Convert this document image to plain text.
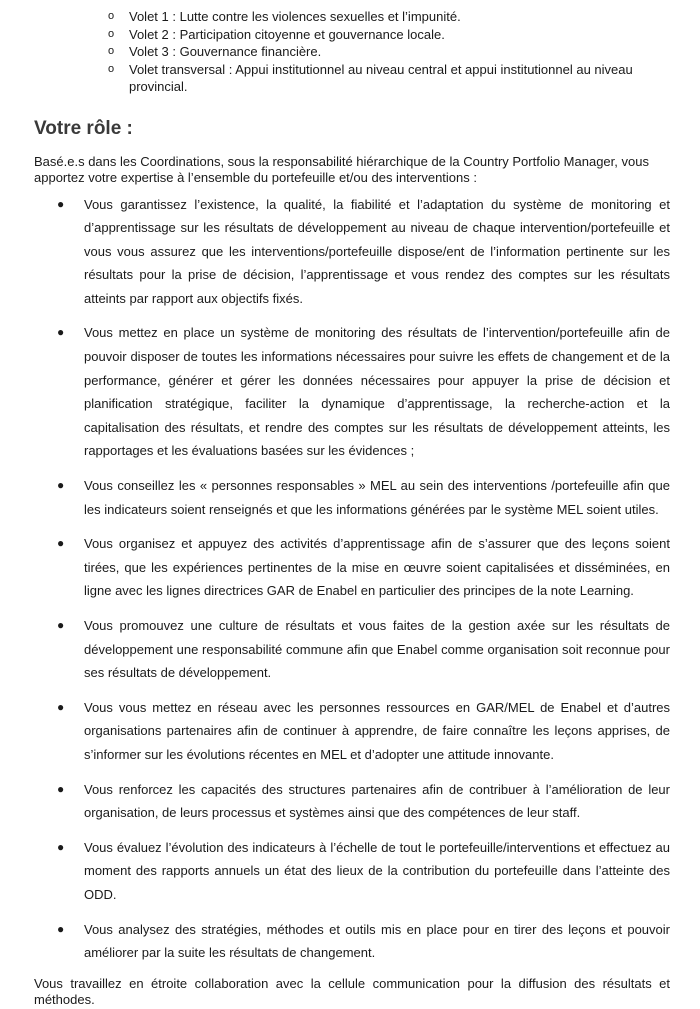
o Volet 1 : Lutte contre les violences sexuelles et l’impunité.
o Volet 2 : Participation citoyenne et gouvernance locale.
o Volet 3 : Gouvernance financière.
o Volet transversal : Appui institutionnel au niveau central et appui institutionnel au niveau provincial.
Votre rôle :

Basé.e.s dans les Coordinations, sous la responsabilité hiérarchique de la Country Portfolio Manager, vous apportez votre expertise à l’ensemble du portefeuille et/ou des interventions :

● Vous garantissez l’existence, la qualité, la fiabilité et l’adaptation du système de monitoring et d’apprentissage sur les résultats de développement au niveau de chaque intervention/portefeuille et vous vous assurez que les interventions/portefeuille dispose/ent de l’information pertinente sur les résultats pour la prise de décision, l’apprentissage et vous rendez des comptes sur les résultats atteints par rapport aux objectifs fixés.
● Vous mettez en place un système de monitoring des résultats de l’intervention/portefeuille afin de pouvoir disposer de toutes les informations nécessaires pour suivre les effets de changement et de la performance, générer et gérer les données nécessaires pour appuyer la prise de décision et planification stratégique, faciliter la dynamique d’apprentissage, la recherche-action et la capitalisation des résultats, et rendre des comptes sur les résultats de développement atteints, les rapportages et les évaluations basées sur les évidences ;
● Vous conseillez les « personnes responsables » MEL au sein des interventions /portefeuille afin que les indicateurs soient renseignés et que les informations générées par le système MEL soient utiles.
● Vous organisez et appuyez des activités d’apprentissage afin de s’assurer que des leçons soient tirées, que les expériences pertinentes de la mise en œuvre soient capitalisées et disséminées, en ligne avec les lignes directrices GAR de Enabel en particulier des principes de la note Learning.
● Vous promouvez une culture de résultats et vous faites de la gestion axée sur les résultats de développement une responsabilité commune afin que Enabel comme organisation soit reconnue pour ses résultats de développement.
● Vous vous mettez en réseau avec les personnes ressources en GAR/MEL de Enabel et d’autres organisations partenaires afin de continuer à apprendre, de faire connaître les leçons apprises, de s’informer sur les évolutions récentes en MEL et d’adopter une attitude innovante.
● Vous renforcez les capacités des structures partenaires afin de contribuer à l’amélioration de leur organisation, de leurs processus et systèmes ainsi que des compétences de leur staff.
● Vous évaluez l’évolution des indicateurs à l’échelle de tout le portefeuille/interventions et effectuez au moment des rapports annuels un état des lieux de la contribution du portefeuille dans l’atteinte des ODD.
● Vous analysez des stratégies, méthodes et outils mis en place pour en tirer des leçons et pouvoir améliorer par la suite les résultats de changement.

Vous travaillez en étroite collaboration avec la cellule communication pour la diffusion des résultats et méthodes.
